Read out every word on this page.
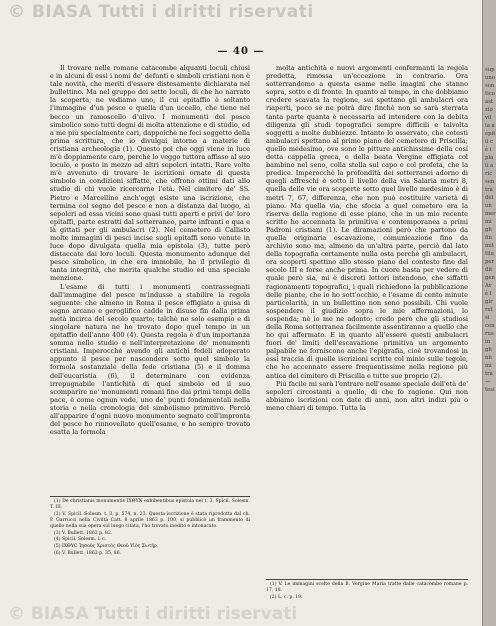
© BIASA Tutti i diritti riservati
— 40 —

Il trovare nelle romane catacombe alquanti loculi chiusi e in alcuni di essi i nomi de' defunti e simboli cristiani non è tale novità, che meriti d'essere distesamente dichiarata nel bullettino. Ma nel gruppo dei sette loculi, di che ho narrato la scoperta, ne vediamo uno, il cui epitaffio è soltanto l'immagine d'un pesce e quella d'un uccello, che tiene nel becco un ramoscello d'ulivo. I monumenti del pesce simbolico sono tutti degni di molta attenzione e di studio, ed a me più specialmente cari, dappoichè ne feci soggetto della prima scrittura, che io divulgai intorno a materie di cristiana archeologia (1). Questo poi che oggi viene in luce m'è doppiamente caro, perchè lo veggo tuttora affisso al suo loculo, e posto in mezzo ad altri sepolcri intatti. Rare volte m'è avvenuto di trovare le iscrizioni ornate di questa simbolo in condizioni siffatte, che offrono ottimi dati allo studio di chi vuole ricercarne l'età. Nel cimitero de' SS. Pietro e Marcellino anch'oggi esiste una iscrizione, che termina col segno del pesce e non a distanza dal luogo, ai sepolcri ad essa vicini sono quasi tutti aperti e privi de' loro epitaffi, parte estratti dal sotterraneo, parte infranti e qua e là gittati per gli ambulacri (2). Nel cemetero di Callisto molte immagini di pesci incise sugli epitaffi sono venute in luce dopo divulgata quella mia epistola (3), tutte però distaccate dai loro loculi. Questa monumento adunque del pesce simbolico, in che era immobile, ha il privilegio di tanta integrità, che merita qualche studio ed una speciale menzione.

L'esame di tutti i monumenti contrassegnati dall'immagine del pesce m'indusse a stabilire la regola seguente: che almeno in Roma il pesce effigiato a guisa di segno arcano e geroglifico cadde in disuso fin dalla prima metà incirca del secolo quarto; talchè ne solo esempio e di singolare natura ne ho trovato dopo quel tempo in un epitaffio dell'anno 400 (4). Questa regola è d'un importanza somma nello studio e nell'interpretazione de' monumenti cristiani. Imperocchè avendo gli antichi fedeli adoperato appunto il pesce per nascondere sotto quel simbolo la formola sostanziale della fede cristiana (5) e il domma dell'eucaristia (6), il determinare con evidenza irrepugnabile l'antichità di quel simbolo ed il suo scomparire ne' monumenti romani fino dai primi tempi della pace, è come ognun vede, uno de' punti fondamentali nella storia e nella cronologia del simbolismo primitivo. Perciò all'apparire d'ogni nuovo monumento segnato coll'impronta del pesce ho rinnovellato quell'esame, e ho sempre trovato esatta la formola

(1) De christianis monumentis ΙΧΘΥΝ exhibentibus epistola nel t. 3. Spicil. Solesm. T. III.

(2) V. Spicil. Solesm. t. 3, p. 574, n. 23. Questa iscrizione è stata riprodotta dal ch. P. Garrucci nella Civiltà Catt. 8 aprile 1863 p. 100, si pubblicò un frammento di quello nella sua opera sul luogo citata, l'ho trovato inedito e intonacato.

(3) V. Bullett. 1863 p. 82.

(4) Spicil. Solesm. l. c.

(5) ΙΧΘΥC Ἰησοῦς Χριστὸς Θεοῦ Υἱὸς Σωτήρ.

(6) V. Bullett. 1863 p. 35, 86.

molta antichità e nuovi argomenti confermanti la regola predetta, rimossa un'eccezione in contrario. Ora sotterrandomo a questa esame nelle imagini che stanno sopra, sotto e di fronte. In quanto al tempo, in che dobbiamo credere scavata la regione, sui spettano gli ambulacri ora riaperti, poco se ne potrà dire finchè non se sarà sterrata tanta parte quanta è necessaria ad intendere con la debita diligenza gli studi topografici sempre difficili e talvolta soggetti a molte dubbiezze. Intanto lo osservato, che cotesti ambulacri spettano al primo piano del cemetero di Priscilla; quello medesimo, ove sono le pitture antichissime della cosí detta cappella greca, e della beata Vergine effigiata col bambino nel seno, colla stella sul capo e col profeta, che la predice. Imperocchè la profondità dei sotterranei adorno di quegli affreschi è sotto il livello della via Salaria metri 8, quella delle vie ora scoperte sotto quel livello medesimo è di metri 7, 67, differenza, che non può costituire varietà di piano. Ma quella via, che sfocia a quel cemetero era la riserva della regione di esse piano, che in un mio recente scritto ho accennata la primitiva e contemporanea a primi Padroni cristiani (1). Le diramazioni però che partono da quella originaria escavazione, comunicazione fino da archivio sono ma, almeno da un'altra parte, perciò dal lato della topografia certamente nulla osta perchè gli ambulacri, ora scoperti spettino allo stesso piano del contesto fine dal secolo III e forse anche prima. In cuore basta per vedere di quale però sia, mi è discreti lettori intendono, che siffatti ragionamenti topografici, i quali richiedono la pubblicazione delle piante, che io ho sott'occhio, e l'esame di cento minute particolarità, in un bullettino non sono possibili. Chi vuole sospendere il giudizio sopra le mie affermazioni, lo sospenda; nè io me ne adonto; credo però che gli studiosi della Roma sotterranea facilmente assentiranno a quello che ho qui affermato. E in quanto all'essere questi ambulacri fuori de' limiti dell'escavazione primitiva un argomento palpabile ne forniscono anche l'epigrafia, cioè trovandosi in essi traccia di quelle iscrizioni scritte col minio sulle tegole, che ho accennato essere frequentissime nella regione più antica del cimitero di Priscilla e tutte sue proprie (2).

Più facile mi sarà l'entrare nell'esame speciale dell'età de' sepolcri circostanti a quello, di che fo ragione. Qui non abbiamo iscrizioni con date di anni, non altri indizi più o meno chiari di tempo. Tutta la

(1) V. Le immagini scelte della B. Vergine Maria tratte dalle catacombe romane p. 17, 18.

(2) L. c. p. 19.

© BIASA Tutti i diritti riservati
sup
uno
son
tico
ast
zio
vil
la a
epit
il c
è i
pla
lì a
ric
sen
tra
del
un
mer
mi
gli
fiu
mit
tilu
per
dit
gen
Av
è l
gir
ret
si
cen
rus
in
gli
nii
mi
tra
—
tesi
